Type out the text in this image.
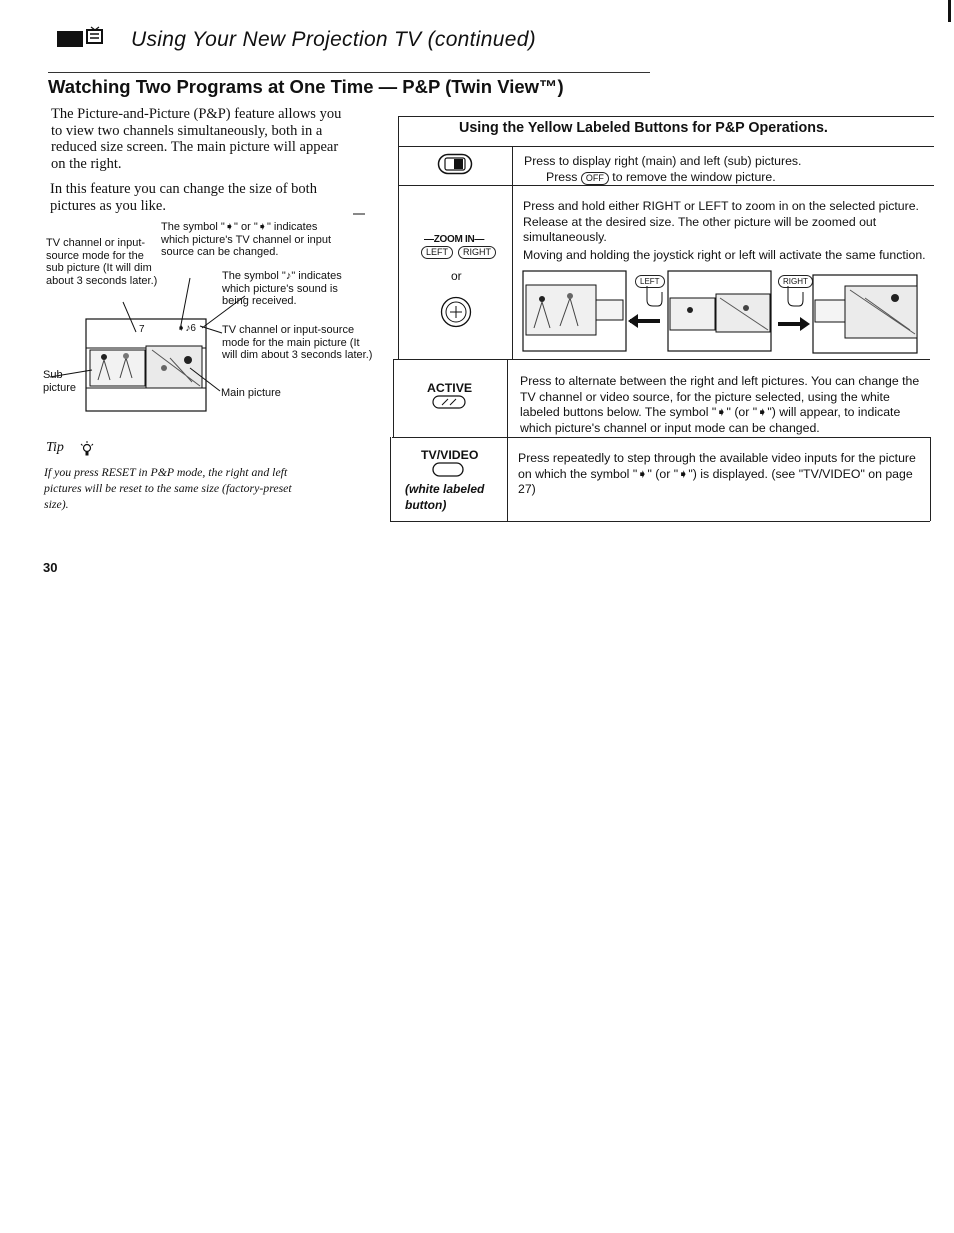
Using Your New Projection TV (continued)
Watching Two Programs at One Time — P&P (Twin View™)
The Picture-and-Picture (P&P) feature allows you to view two channels simultaneously, both in a reduced size screen. The main picture will appear on the right.
In this feature you can change the size of both pictures as you like.
The symbol "➧" or "➧" indicates which picture's TV channel or input source can be changed.
TV channel or input-source mode for the sub picture (It will dim about 3 seconds later.)	The symbol "♪" indicates which picture's sound is being received.
TV channel or input-source mode for the main picture (It will dim about 3 seconds later.)
Sub picture	Main picture
7	➧♪6
Tip
If you press RESET in P&P mode, the right and left pictures will be reset to the same size (factory-preset size).
30
Using the Yellow Labeled Buttons for P&P Operations.
Press to display right (main) and left (sub) pictures.
Press OFF to remove the window picture.
—ZOOM IN—
LEFT	RIGHT
or
Press and hold either RIGHT or LEFT to zoom in on the selected picture. Release at the desired size. The other picture will be zoomed out simultaneously.
Moving and holding the joystick right or left will activate the same function.
LEFT	RIGHT
ACTIVE	Press to alternate between the right and left pictures. You can change the TV channel or video source, for the picture selected, using the white labeled buttons below. The symbol "➧" (or "➧") will appear, to indicate which picture's channel or input mode can be changed.
TV/VIDEO
(white labeled button)
Press repeatedly to step through the available video inputs for the picture on which the symbol "➧" (or "➧") is displayed. (see "TV/VIDEO" on page 27)
